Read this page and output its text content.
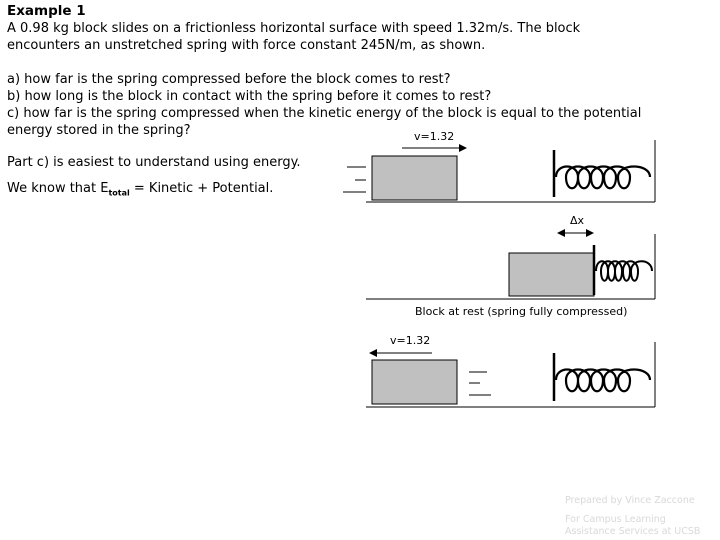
Example 1
A 0.98 kg block slides on a frictionless horizontal surface with speed 1.32m/s. The block
encounters an unstretched spring with force constant 245N/m, as shown.
a) how far is the spring compressed before the block comes to rest?
b) how long is the block in contact with the spring before it comes to rest?
c) how far is the spring compressed when the kinetic energy of the block is equal to the potential
energy stored in the spring?
Part c) is easiest to understand using energy.
We know that $E_{total}$ = Kinetic + Potential.
v=1.32
Δx
Block at rest (spring fully compressed)
v=1.32
Prepared by Vince Zaccone
For Campus Learning
Assistance Services at UCSB
